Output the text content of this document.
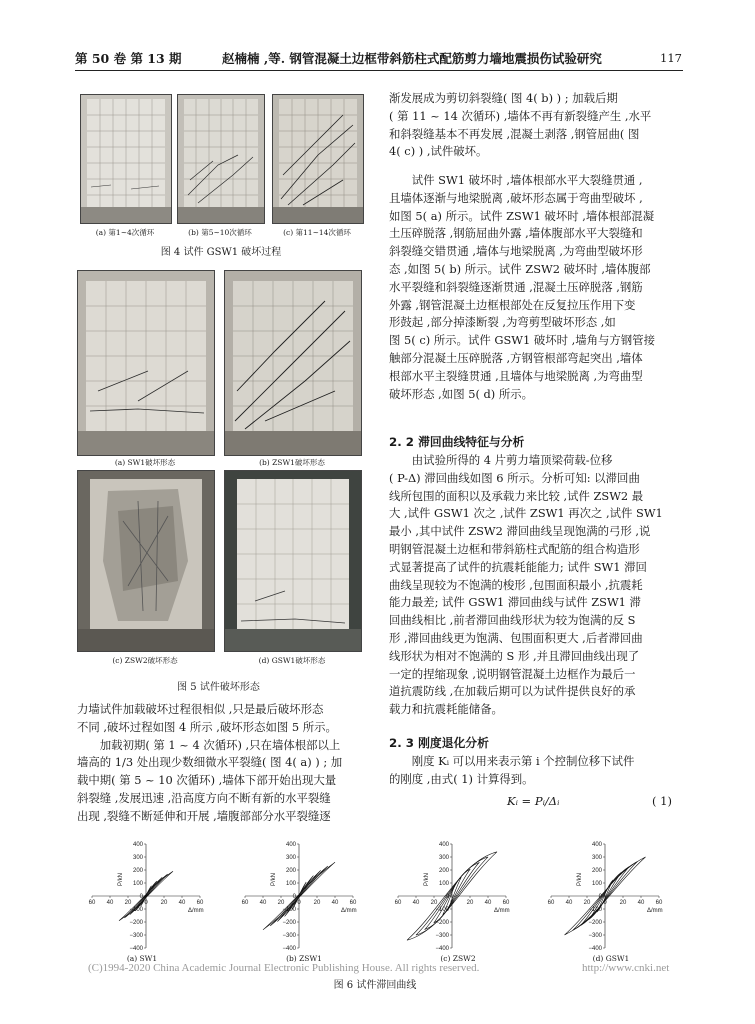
第 50 卷 第 13 期	赵楠楠 ,等. 钢管混凝土边框带斜筋柱式配筋剪力墙地震损伤试验研究	117
(a) 第1~4次循环	(b) 第5~10次循环	(c) 第11~14次循环
图 4 试件 GSW1 破坏过程
(a) SW1破坏形态	(b) ZSW1破坏形态
(c) ZSW2破坏形态	(d) GSW1破坏形态
图 5 试件破坏形态

力墙试件加载破坏过程很相似 ,只是最后破坏形态

不同 ,破坏过程如图 4 所示 ,破坏形态如图 5 所示。

　　加载初期( 第 1 ~ 4 次循环) ,只在墙体根部以上

墙高的 1/3 处出现少数细微水平裂缝( 图 4( a) ) ; 加

载中期( 第 5 ~ 10 次循环) ,墙体下部开始出现大量

斜裂缝 ,发展迅速 ,沿高度方向不断有新的水平裂缝

出现 ,裂缝不断延伸和开展 ,墙腹部部分水平裂缝逐

渐发展成为剪切斜裂缝( 图 4( b) ) ; 加载后期

( 第 11 ~ 14 次循环) ,墙体不再有新裂缝产生 ,水平

和斜裂缝基本不再发展 ,混凝土剥落 ,钢管屈曲( 图

4( c) ) ,试件破坏。

　　试件 SW1 破坏时 ,墙体根部水平大裂缝贯通 ,

且墙体逐渐与地梁脱离 ,破坏形态属于弯曲型破坏 ,

如图 5( a) 所示。试件 ZSW1 破坏时 ,墙体根部混凝

土压碎脱落 ,钢筋屈曲外露 ,墙体腹部水平大裂缝和

斜裂缝交错贯通 ,墙体与地梁脱离 ,为弯曲型破坏形

态 ,如图 5( b) 所示。试件 ZSW2 破坏时 ,墙体腹部

水平裂缝和斜裂缝逐渐贯通 ,混凝土压碎脱落 ,钢筋

外露 ,钢管混凝土边框根部处在反复拉压作用下变

形鼓起 ,部分掉漆断裂 ,为弯剪型破坏形态 ,如

图 5( c) 所示。试件 GSW1 破坏时 ,墙角与方钢管接

触部分混凝土压碎脱落 ,方钢管根部弯起突出 ,墙体

根部水平主裂缝贯通 ,且墙体与地梁脱离 ,为弯曲型

破坏形态 ,如图 5( d) 所示。

2. 2 滞回曲线特征与分析

　　由试验所得的 4 片剪力墙顶梁荷载-位移

( P-Δ) 滞回曲线如图 6 所示。分析可知: 以滞回曲

线所包围的面积以及承载力来比较 ,试件 ZSW2 最

大 ,试件 GSW1 次之 ,试件 ZSW1 再次之 ,试件 SW1

最小 ,其中试件 ZSW2 滞回曲线呈现饱满的弓形 ,说

明钢管混凝土边框和带斜筋柱式配筋的组合构造形

式显著提高了试件的抗震耗能能力; 试件 SW1 滞回

曲线呈现较为不饱满的梭形 ,包围面积最小 ,抗震耗

能力最差; 试件 GSW1 滞回曲线与试件 ZSW1 滞

回曲线相比 ,前者滞回曲线形状为较为饱满的反 S

形 ,滞回曲线更为饱满、包围面积更大 ,后者滞回曲

线形状为相对不饱满的 S 形 ,并且滞回曲线出现了

一定的捏缩现象 ,说明钢管混凝土边框作为最后一

道抗震防线 ,在加载后期可以为试件提供良好的承

载力和抗震耗能储备。

2. 3 刚度退化分析

　　刚度 Kᵢ 可以用来表示第 i 个控制位移下试件

的刚度 ,由式( 1) 计算得到。

Kᵢ = Pᵢ/Δᵢ	( 1)
60 40 20 0 20 40 60
400
300
200
100
0
−100
−200
−300
−400
P/kN
Δ/mm
60 40 20 0 20 40 60
400
300
200
100
0
−100
−200
−300
−400
P/kN
Δ/mm
60 40 20 0 20 40 60
400
300
200
100
0
−100
−200
−300
−400
P/kN
Δ/mm
60 40 20 0 20 40 60
400
300
200
100
0
−100
−200
−300
−400
P/kN
Δ/mm
(a) SW1	(b) ZSW1	(c) ZSW2	(d) GSW1
(C)1994-2020 China Academic Journal Electronic Publishing House. All rights reserved.	http://www.cnki.net
图 6 试件滞回曲线
